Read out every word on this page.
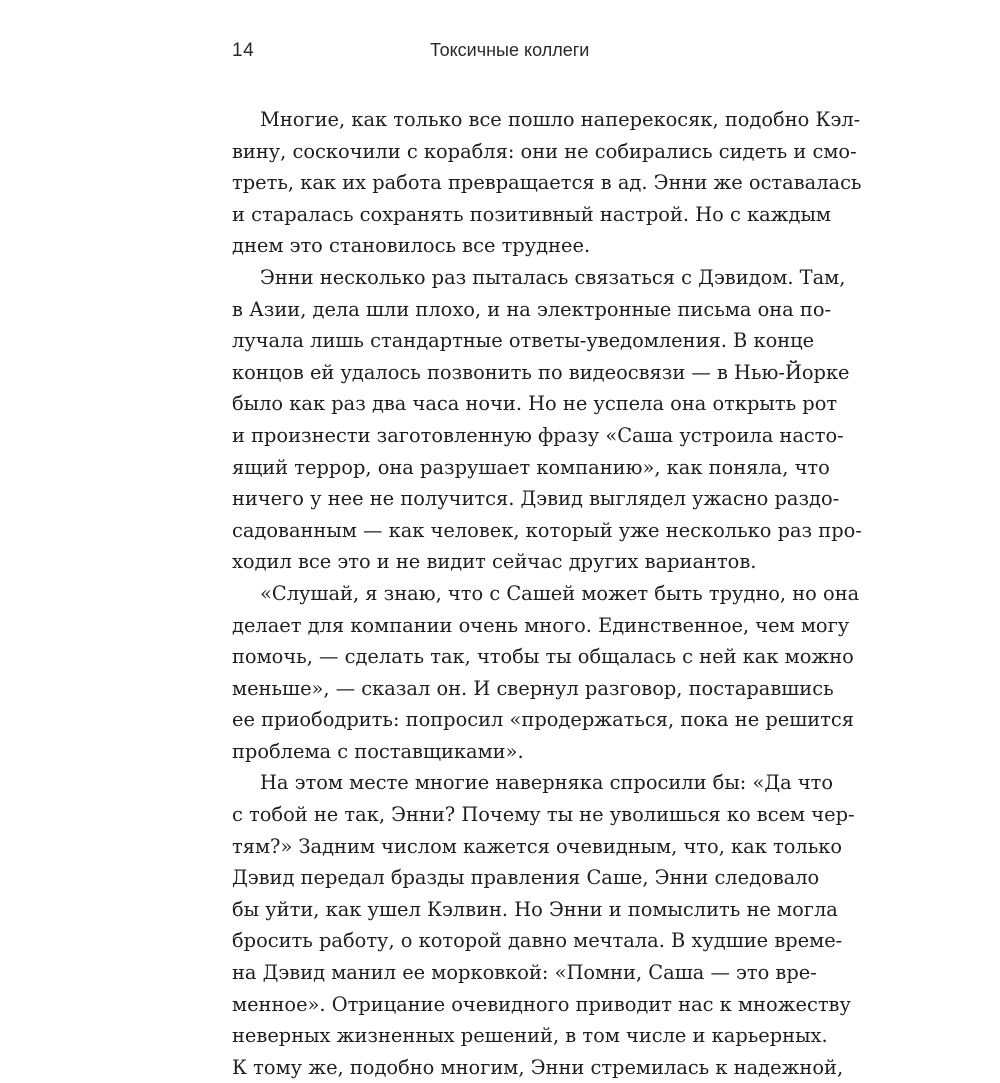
14	Токсичные коллеги
Многие, как только все пошло наперекосяк, подобно Кэл-
вину, соскочили с корабля: они не собирались сидеть и смо-
треть, как их работа превращается в ад. Энни же оставалась
и старалась сохранять позитивный настрой. Но с каждым
днем это становилось все труднее.
Энни несколько раз пыталась связаться с Дэвидом. Там,
в Азии, дела шли плохо, и на электронные письма она по-
лучала лишь стандартные ответы-уведомления. В конце
концов ей удалось позвонить по видеосвязи — в Нью-Йорке
было как раз два часа ночи. Но не успела она открыть рот
и произнести заготовленную фразу «Саша устроила насто-
ящий террор, она разрушает компанию», как поняла, что
ничего у нее не получится. Дэвид выглядел ужасно раздо-
садованным — как человек, который уже несколько раз про-
ходил все это и не видит сейчас других вариантов.
«Слушай, я знаю, что с Сашей может быть трудно, но она
делает для компании очень много. Единственное, чем могу
помочь, — сделать так, чтобы ты общалась с ней как можно
меньше», — сказал он. И свернул разговор, постаравшись
ее приободрить: попросил «продержаться, пока не решится
проблема с поставщиками».
На этом месте многие наверняка спросили бы: «Да что
с тобой не так, Энни? Почему ты не уволишься ко всем чер-
тям?» Задним числом кажется очевидным, что, как только
Дэвид передал бразды правления Саше, Энни следовало
бы уйти, как ушел Кэлвин. Но Энни и помыслить не могла
бросить работу, о которой давно мечтала. В худшие време-
на Дэвид манил ее морковкой: «Помни, Саша — это вре-
менное». Отрицание очевидного приводит нас к множеству
неверных жизненных решений, в том числе и карьерных.
К тому же, подобно многим, Энни стремилась к надежной,
